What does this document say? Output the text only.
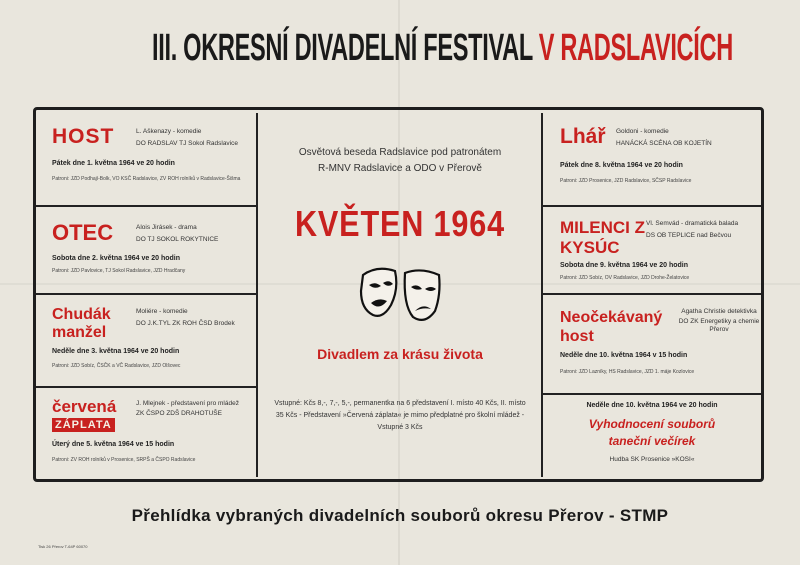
III. OKRESNÍ DIVADELNÍ FESTIVAL V RADSLAVICÍCH
HOST	L. Aškenazy - komedie
DO RADSLAV TJ Sokol Radslavice
Pátek dne 1. května 1964 ve 20 hodin
Patroni: JZD Podhají-Bolk, VO KSČ Radslavice, ZV ROH rolníků v Radslavice-Šišma
OTEC	Alois Jirásek - drama
DO TJ SOKOL ROKYTNICE
Sobota dne 2. května 1964 ve 20 hodin
Patroni: JZD Pavlovice, TJ Sokol Radslavice, JZD Hradčany
Chudák manžel
Moliére - komedie
DO J.K.TYL ZK ROH ČSD Brodek
Neděle dne 3. května 1964 ve 20 hodin
Patroni: JZD Sobíz, ČSČK a VČ Radslavice, JZD Olšovec
červená
ZÁPLATA
J. Mlejnek - představení pro mládež
ZK ČSPO ZDŠ DRAHOTUŠE
Úterý dne 5. května 1964 ve 15 hodin
Patroni: ZV ROH rolníků v Prosenice, SRPŠ a ČSPO Radslavice
Osvětová beseda Radslavice pod patronátem
R-MNV Radslavice a ODO v Přerově
KVĚTEN 1964
Divadlem za krásu života
Vstupné: Kčs 8,-, 7,-, 5,-, permanentka na 6 představení I. místo 40 Kčs, II. místo 35 Kčs - Představení »Červená záplata« je mimo předplatné pro školní mládež - Vstupné 3 Kčs
Lhář Goldoni - komedie
HANÁCKÁ SCÉNA OB KOJETÍN
Pátek dne 8. května 1964 ve 20 hodin
Patroni: JZD Prosenice, JZD Radslavice, SČSP Radslavice
MILENCI Z KYSÚC
Vl. Semvád - dramatická balada
DS OB TEPLICE nad Bečvou
Sobota dne 9. května 1964 ve 20 hodin
Patroni: JZD Sobíz, OV Radslavice, JZD Drohe-Želatovice
Neočekávaný host
Agatha Christie detektivka
DO ZK Energetiky a chemie Přerov
Neděle dne 10. května 1964 v 15 hodin
Patroni: JZD Lazníky, HS Radslavice, JZD 1. máje Kozlovice
Neděle dne 10. května 1964 ve 20 hodin
Vyhodnocení souborů
taneční večírek
Hudba SK Prosenice »KOSI«
Přehlídka vybraných divadelních souborů okresu Přerov - STMP
Tisk 26 Přerov T-64P 60070
